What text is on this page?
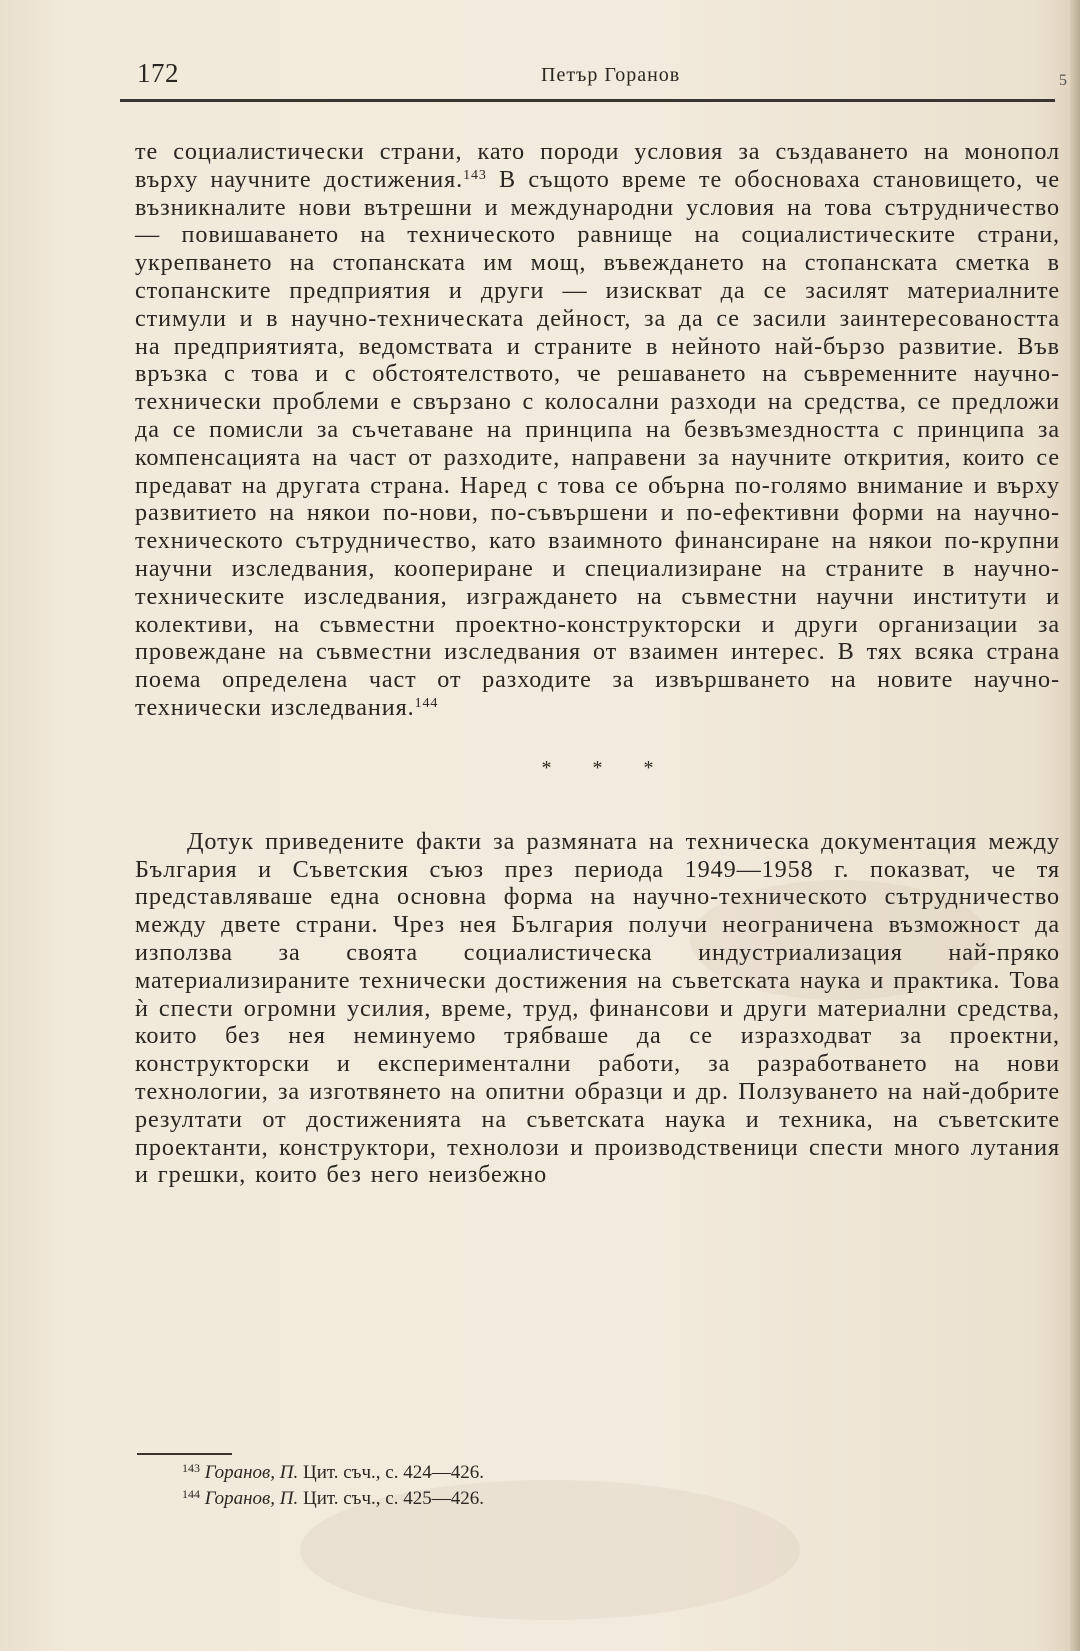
172	Петър Горанов	5

те социалистически страни, като породи условия за създаването на монопол върху научните достижения.$^{143}$ В същото време те обосноваха становището, че възникналите нови вътрешни и международни условия на това сътрудничество — повишаването на техническото равнище на социалистическите страни, укрепването на стопанската им мощ, въвеждането на стопанската сметка в стопанските предприятия и други — изискват да се засилят материалните стимули и в научно-техническата дейност, за да се засили заинтересоваността на предприятията, ведомствата и страните в нейното най-бързо развитие. Във връзка с това и с обстоятелството, че решаването на съвременните научно-технически проблеми е свързано с колосални разходи на средства, се предложи да се помисли за съчетаване на принципа на безвъзмездността с принципа за компенсацията на част от разходите, направени за научните открития, които се предават на другата страна. Наред с това се обърна по-голямо внимание и върху развитието на някои по-нови, по-съвършени и по-ефективни форми на научно-техническото сътрудничество, като взаимното финансиране на някои по-крупни научни изследвания, коопериране и специализиране на страните в научно-техническите изследвания, изграждането на съвместни научни институти и колективи, на съвместни проектно-конструкторски и други организации за провеждане на съвместни изследвания от взаимен интерес. В тях всяка страна поема определена част от разходите за извършването на новите научно-технически изследвания.$^{144}$

* * *

Дотук приведените факти за размяната на техническа документация между България и Съветския съюз през периода 1949—1958 г. показват, че тя представляваше една основна форма на научно-техническото сътрудничество между двете страни. Чрез нея България получи неограничена възможност да използва за своята социалистическа индустриализация най-пряко материализираните технически достижения на съветската наука и практика. Това ѝ спести огромни усилия, време, труд, финансови и други материални средства, които без нея неминуемо трябваше да се изразходват за проектни, конструкторски и експериментални работи, за разработването на нови технологии, за изготвянето на опитни образци и др. Ползуването на най-добрите резултати от достиженията на съветската наука и техника, на съветските проектанти, конструктори, технолози и производственици спести много лутания и грешки, които без него неизбежно

$^{143}$ Горанов, П. Цит. съч., с. 424—426.
$^{144}$ Горанов, П. Цит. съч., с. 425—426.
